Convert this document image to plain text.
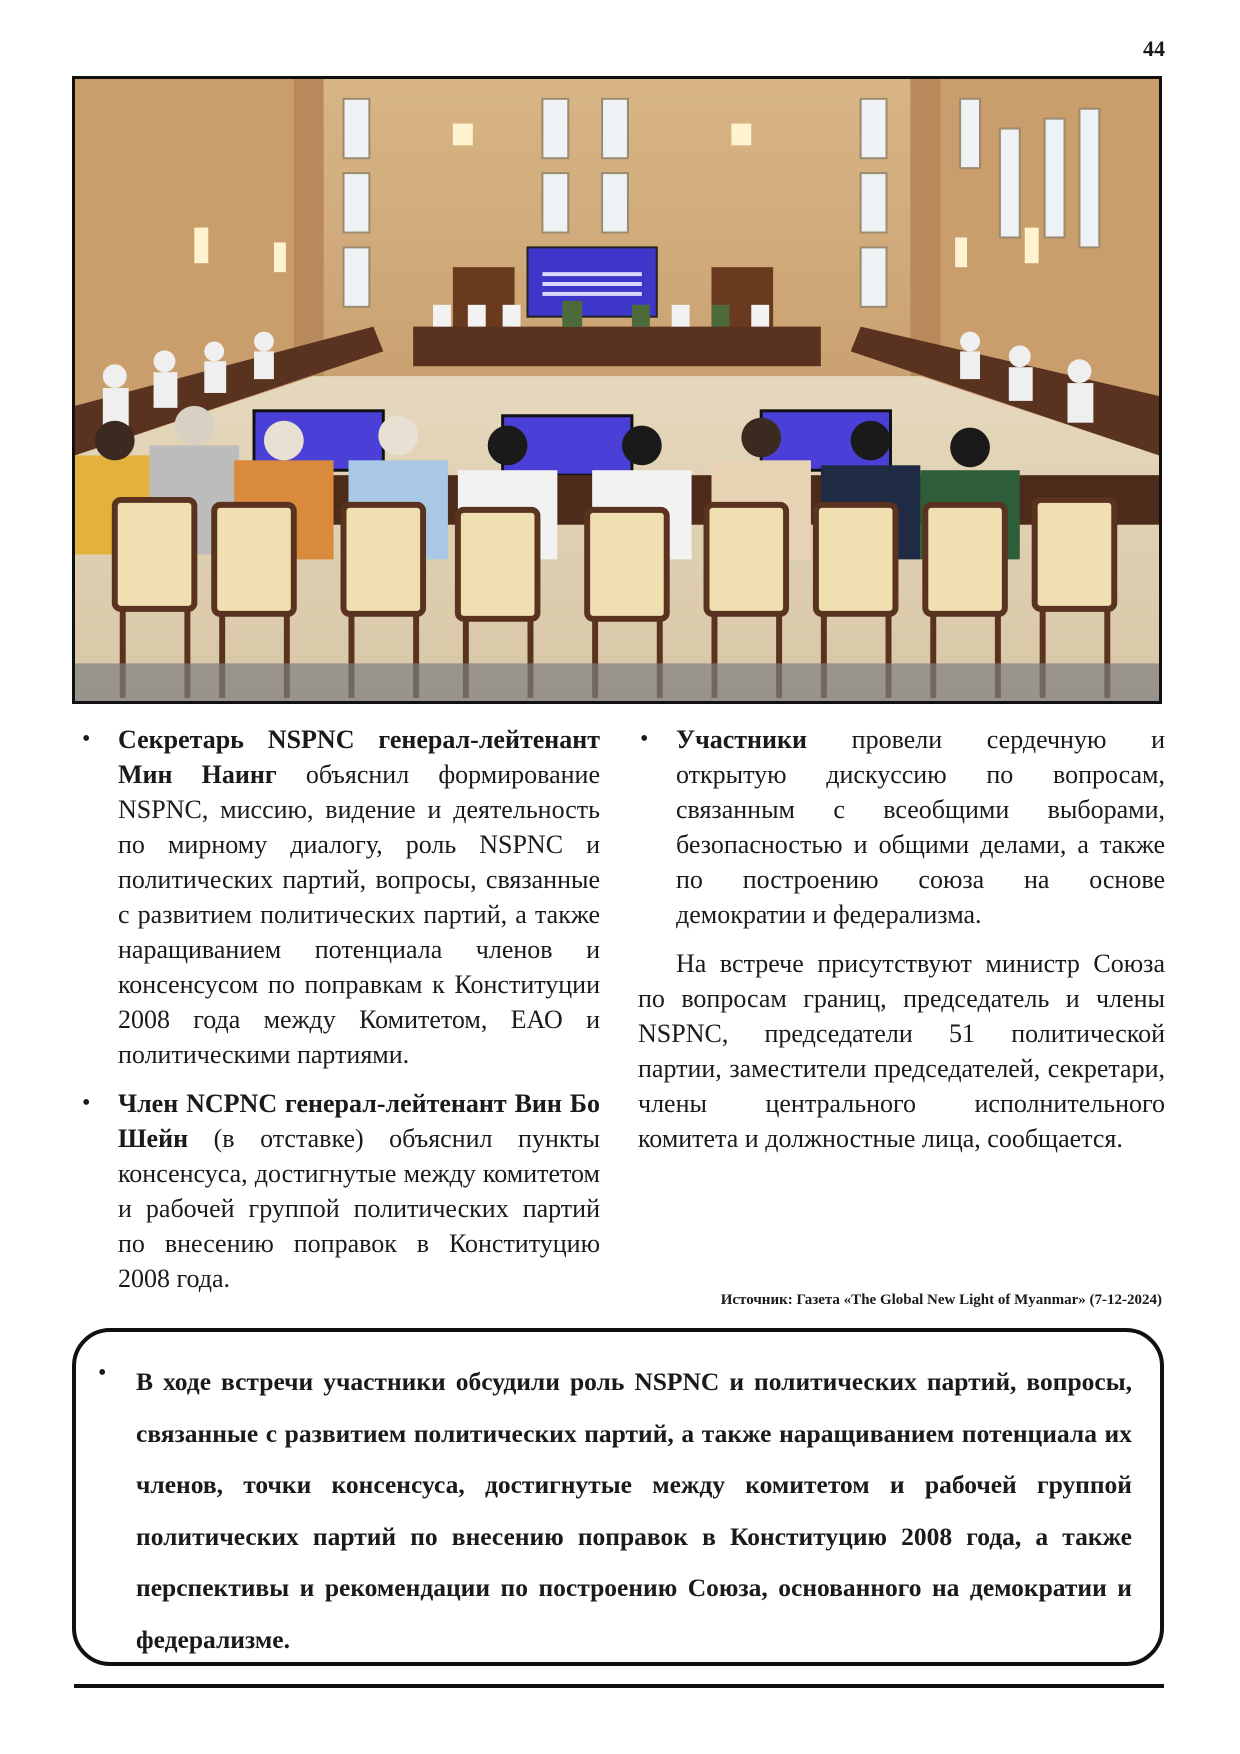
44
• Секретарь NSPNC генерал-лейтенант Мин Наинг объяснил формирование NSPNC, миссию, видение и деятельность по мирному диалогу, роль NSPNC и политических партий, вопросы, связанные с развитием политических партий, а также наращиванием потенциала членов и консенсусом по поправкам к Конституции 2008 года между Комитетом, ЕАО и политическими партиями.
• Член NCPNC генерал-лейтенант Вин Бо Шейн (в отставке) объяснил пункты консенсуса, достигнутые между комитетом и рабочей группой политических партий по внесению поправок в Конституцию 2008 года.
• Участники провели сердечную и открытую дискуссию по вопросам, связанным с всеобщими выборами, безопасностью и общими делами, а также по построению союза на основе демократии и федерализма.

На встрече присутствуют министр Союза по вопросам границ, председатель и члены NSPNC, председатели 51 политической партии, заместители председателей, секретари, члены центрального исполнительного комитета и должностные лица, сообщается.

Источник: Газета «The Global New Light of Myanmar» (7-12-2024)
• В ходе встречи участники обсудили роль NSPNC и политических партий, вопросы, связанные с развитием политических партий, а также наращиванием потенциала их членов, точки консенсуса, достигнутые между комитетом и рабочей группой политических партий по внесению поправок в Конституцию 2008 года, а также перспективы и рекомендации по построению Союза, основанного на демократии и федерализме.
